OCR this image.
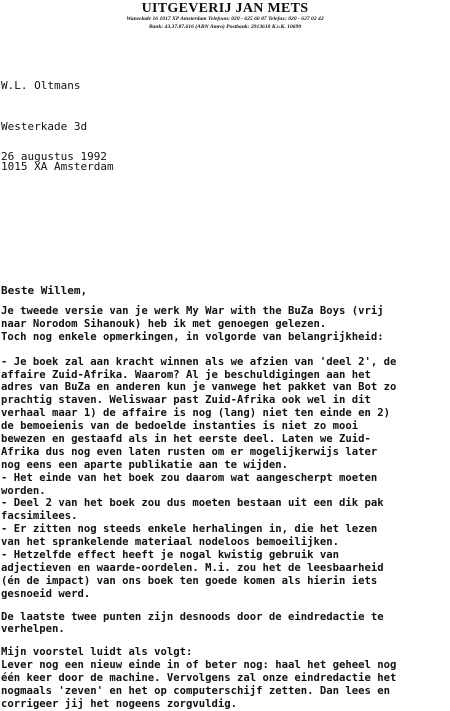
UITGEVERIJ JAN METS
Wanzelade 16 1017 XP Amsterdam Telefoon: 020 - 625 60 87 Telefax: 020 - 627 02 42
Bank: 43.37.87.616 (ABN Amro) Postbank: 2913618 K.v.K. 10699

W.L. Oltmans

Westerkade 3d

1015 XA Amsterdam

26 augustus 1992
Beste Willem,
Je tweede versie van je werk My War with the BuZa Boys (vrij
naar Norodom Sihanouk) heb ik met genoegen gelezen.
Toch nog enkele opmerkingen, in volgorde van belangrijkheid:
- Je boek zal aan kracht winnen als we afzien van 'deel 2', de
affaire Zuid-Afrika. Waarom? Al je beschuldigingen aan het
adres van BuZa en anderen kun je vanwege het pakket van Bot zo
prachtig staven. Weliswaar past Zuid-Afrika ook wel in dit
verhaal maar 1) de affaire is nog (lang) niet ten einde en 2)
de bemoeienis van de bedoelde instanties is niet zo mooi
bewezen en gestaafd als in het eerste deel. Laten we Zuid-
Afrika dus nog even laten rusten om er mogelijkerwijs later
nog eens een aparte publikatie aan te wijden.
- Het einde van het boek zou daarom wat aangescherpt moeten
worden.
- Deel 2 van het boek zou dus moeten bestaan uit een dik pak
facsimilees.
- Er zitten nog steeds enkele herhalingen in, die het lezen
van het sprankelende materiaal nodeloos bemoeilijken.
- Hetzelfde effect heeft je nogal kwistig gebruik van
adjectieven en waarde-oordelen. M.i. zou het de leesbaarheid
(én de impact) van ons boek ten goede komen als hierin iets
gesnoeid werd.
De laatste twee punten zijn desnoods door de eindredactie te
verhelpen.
Mijn voorstel luidt als volgt:
Lever nog een nieuw einde in of beter nog: haal het geheel nog
één keer door de machine. Vervolgens zal onze eindredactie het
nogmaals 'zeven' en het op computerschijf zetten. Dan lees en
corrigeer jij het nogeens zorgvuldig.
